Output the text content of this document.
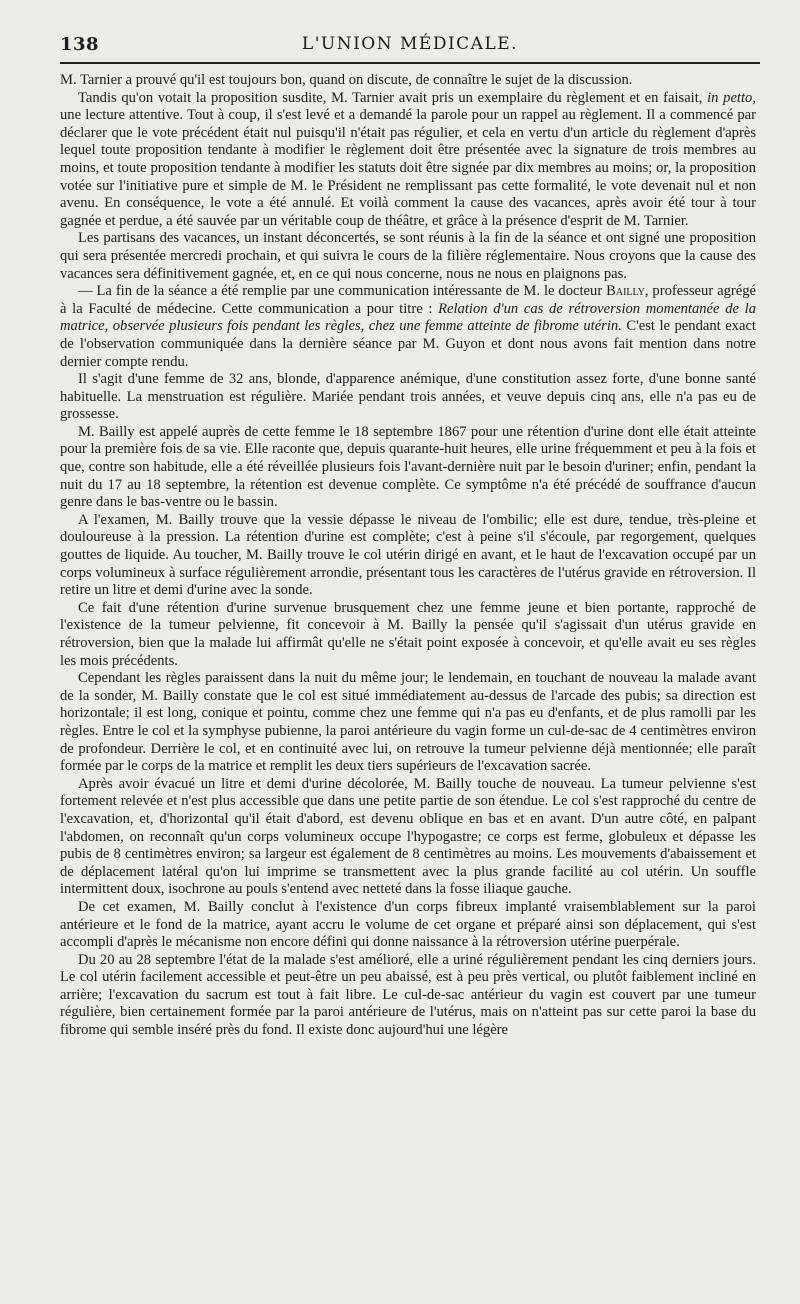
138	L'UNION MÉDICALE.

M. Tarnier a prouvé qu'il est toujours bon, quand on discute, de connaître le sujet de la discussion.

Tandis qu'on votait la proposition susdite, M. Tarnier avait pris un exemplaire du règlement et en faisait, in petto, une lecture attentive. Tout à coup, il s'est levé et a demandé la parole pour un rappel au règlement. Il a commencé par déclarer que le vote précédent était nul puisqu'il n'était pas régulier, et cela en vertu d'un article du règlement d'après lequel toute proposition tendante à modifier le règlement doit être présentée avec la signature de trois membres au moins, et toute proposition tendante à modifier les statuts doit être signée par dix membres au moins; or, la proposition votée sur l'initiative pure et simple de M. le Président ne remplissant pas cette formalité, le vote devenait nul et non avenu. En conséquence, le vote a été annulé. Et voilà comment la cause des vacances, après avoir été tour à tour gagnée et perdue, a été sauvée par un véritable coup de théâtre, et grâce à la présence d'esprit de M. Tarnier.

Les partisans des vacances, un instant déconcertés, se sont réunis à la fin de la séance et ont signé une proposition qui sera présentée mercredi prochain, et qui suivra le cours de la filière réglementaire. Nous croyons que la cause des vacances sera définitivement gagnée, et, en ce qui nous concerne, nous ne nous en plaignons pas.

— La fin de la séance a été remplie par une communication intéressante de M. le docteur Bailly, professeur agrégé à la Faculté de médecine. Cette communication a pour titre : Relation d'un cas de rétroversion momentanée de la matrice, observée plusieurs fois pendant les règles, chez une femme atteinte de fibrome utérin. C'est le pendant exact de l'observation communiquée dans la dernière séance par M. Guyon et dont nous avons fait mention dans notre dernier compte rendu.

Il s'agit d'une femme de 32 ans, blonde, d'apparence anémique, d'une constitution assez forte, d'une bonne santé habituelle. La menstruation est régulière. Mariée pendant trois années, et veuve depuis cinq ans, elle n'a pas eu de grossesse.

M. Bailly est appelé auprès de cette femme le 18 septembre 1867 pour une rétention d'urine dont elle était atteinte pour la première fois de sa vie. Elle raconte que, depuis quarante-huit heures, elle urine fréquemment et peu à la fois et que, contre son habitude, elle a été réveillée plusieurs fois l'avant-dernière nuit par le besoin d'uriner; enfin, pendant la nuit du 17 au 18 septembre, la rétention est devenue complète. Ce symptôme n'a été précédé de souffrance d'aucun genre dans le bas-ventre ou le bassin.

A l'examen, M. Bailly trouve que la vessie dépasse le niveau de l'ombilic; elle est dure, tendue, très-pleine et douloureuse à la pression. La rétention d'urine est complète; c'est à peine s'il s'écoule, par regorgement, quelques gouttes de liquide. Au toucher, M. Bailly trouve le col utérin dirigé en avant, et le haut de l'excavation occupé par un corps volumineux à surface régulièrement arrondie, présentant tous les caractères de l'utérus gravide en rétroversion. Il retire un litre et demi d'urine avec la sonde.

Ce fait d'une rétention d'urine survenue brusquement chez une femme jeune et bien portante, rapproché de l'existence de la tumeur pelvienne, fit concevoir à M. Bailly la pensée qu'il s'agissait d'un utérus gravide en rétroversion, bien que la malade lui affirmât qu'elle ne s'était point exposée à concevoir, et qu'elle avait eu ses règles les mois précédents.

Cependant les règles paraissent dans la nuit du même jour; le lendemain, en touchant de nouveau la malade avant de la sonder, M. Bailly constate que le col est situé immédiatement au-dessus de l'arcade des pubis; sa direction est horizontale; il est long, conique et pointu, comme chez une femme qui n'a pas eu d'enfants, et de plus ramolli par les règles. Entre le col et la symphyse pubienne, la paroi antérieure du vagin forme un cul-de-sac de 4 centimètres environ de profondeur. Derrière le col, et en continuité avec lui, on retrouve la tumeur pelvienne déjà mentionnée; elle paraît formée par le corps de la matrice et remplit les deux tiers supérieurs de l'excavation sacrée.

Après avoir évacué un litre et demi d'urine décolorée, M. Bailly touche de nouveau. La tumeur pelvienne s'est fortement relevée et n'est plus accessible que dans une petite partie de son étendue. Le col s'est rapproché du centre de l'excavation, et, d'horizontal qu'il était d'abord, est devenu oblique en bas et en avant. D'un autre côté, en palpant l'abdomen, on reconnaît qu'un corps volumineux occupe l'hypogastre; ce corps est ferme, globuleux et dépasse les pubis de 8 centimètres environ; sa largeur est également de 8 centimètres au moins. Les mouvements d'abaissement et de déplacement latéral qu'on lui imprime se transmettent avec la plus grande facilité au col utérin. Un souffle intermittent doux, isochrone au pouls s'entend avec netteté dans la fosse iliaque gauche.

De cet examen, M. Bailly conclut à l'existence d'un corps fibreux implanté vraisemblablement sur la paroi antérieure et le fond de la matrice, ayant accru le volume de cet organe et préparé ainsi son déplacement, qui s'est accompli d'après le mécanisme non encore défini qui donne naissance à la rétroversion utérine puerpérale.

Du 20 au 28 septembre l'état de la malade s'est amélioré, elle a uriné régulièrement pendant les cinq derniers jours. Le col utérin facilement accessible et peut-être un peu abaissé, est à peu près vertical, ou plutôt faiblement incliné en arrière; l'excavation du sacrum est tout à fait libre. Le cul-de-sac antérieur du vagin est couvert par une tumeur régulière, bien certainement formée par la paroi antérieure de l'utérus, mais on n'atteint pas sur cette paroi la base du fibrome qui semble inséré près du fond. Il existe donc aujourd'hui une légère
